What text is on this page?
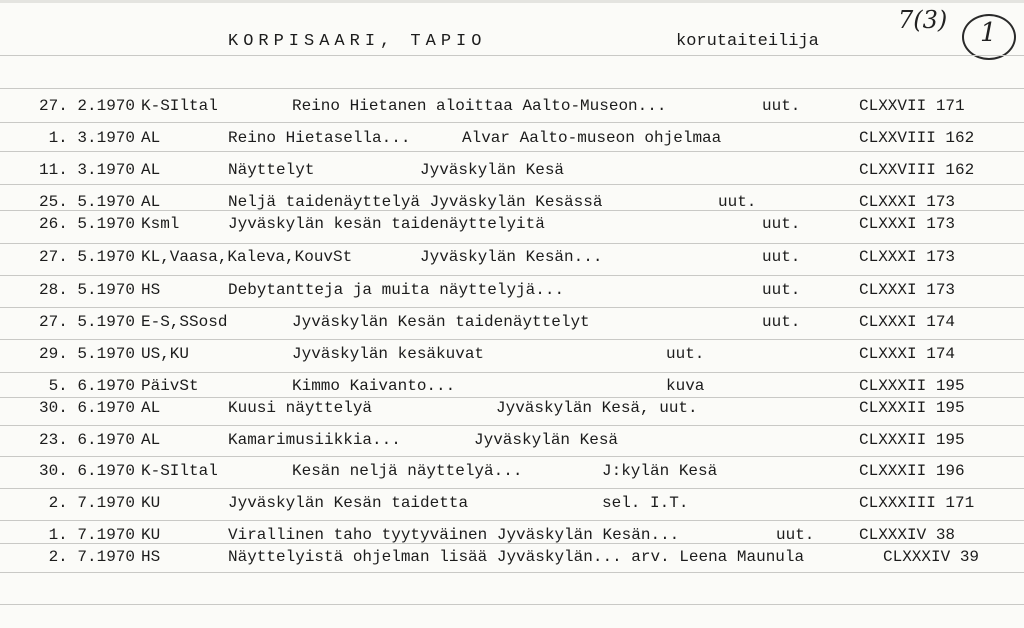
KORPISAARI, TAPIO	korutaiteilija
7(3) 1
27. 2.1970 K-SIltal	Reino Hietanen aloittaa Aalto-Museon...	uut.	CLXXVII 171
1. 3.1970 AL	Reino Hietasella...	Alvar Aalto-museon ohjelmaa	CLXXVIII 162
11. 3.1970 AL	Näyttelyt	Jyväskylän Kesä	CLXXVIII 162
25. 5.1970 AL	Neljä taidenäyttelyä Jyväskylän Kesässä	uut.	CLXXXI 173
26. 5.1970 Ksml	Jyväskylän kesän taidenäyttelyitä	uut.	CLXXXI 173
27. 5.1970 KL,Vaasa,Kaleva,KouvSt	Jyväskylän Kesän...	uut.	CLXXXI 173
28. 5.1970 HS	Debytantteja ja muita näyttelyjä...	uut.	CLXXXI 173
27. 5.1970 E-S,SSosd	Jyväskylän Kesän taidenäyttelyt	uut.	CLXXXI 174
29. 5.1970 US,KU	Jyväskylän kesäkuvat	uut.	CLXXXI 174
5. 6.1970 PäivSt	Kimmo Kaivanto...	kuva	CLXXXII 195
30. 6.1970 AL	Kuusi näyttelyä	Jyväskylän Kesä, uut.	CLXXXII 195
23. 6.1970 AL	Kamarimusiikkia...	Jyväskylän Kesä	CLXXXII 195
30. 6.1970 K-SIltal	Kesän neljä näyttelyä...	J:kylän Kesä	CLXXXII 196
2. 7.1970 KU	Jyväskylän Kesän taidetta	sel. I.T.	CLXXXIII 171
1. 7.1970 KU	Virallinen taho tyytyväinen Jyväskylän Kesän...	uut.	CLXXXIV 38
2. 7.1970 HS	Näyttelyistä ohjelman lisää Jyväskylän... arv. Leena Maunula	CLXXXIV 39
